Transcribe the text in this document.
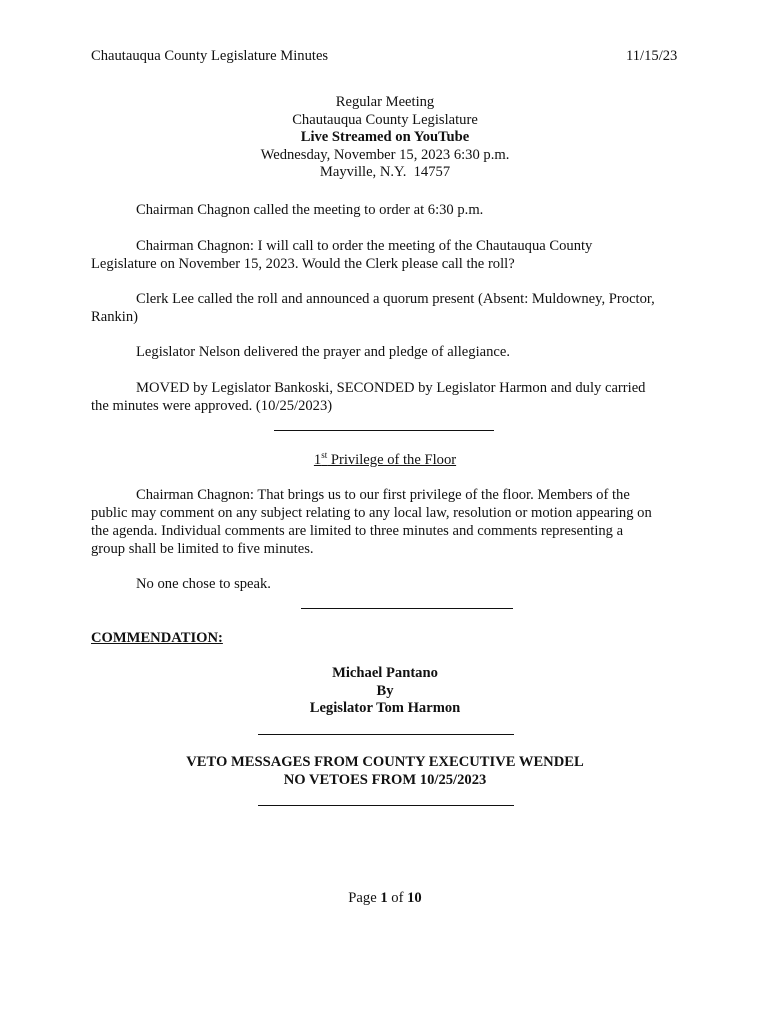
Chautauqua County Legislature Minutes	11/15/23
Regular Meeting
Chautauqua County Legislature
Live Streamed on YouTube
Wednesday, November 15, 2023 6:30 p.m.
Mayville, N.Y.  14757
Chairman Chagnon called the meeting to order at 6:30 p.m.
Chairman Chagnon: I will call to order the meeting of the Chautauqua County
Legislature on November 15, 2023. Would the Clerk please call the roll?
Clerk Lee called the roll and announced a quorum present (Absent: Muldowney, Proctor,
Rankin)
Legislator Nelson delivered the prayer and pledge of allegiance.
MOVED by Legislator Bankoski, SECONDED by Legislator Harmon and duly carried
the minutes were approved. (10/25/2023)
1st Privilege of the Floor
Chairman Chagnon: That brings us to our first privilege of the floor. Members of the
public may comment on any subject relating to any local law, resolution or motion appearing on
the agenda. Individual comments are limited to three minutes and comments representing a
group shall be limited to five minutes.
No one chose to speak.
COMMENDATION:
Michael Pantano
By
Legislator Tom Harmon
VETO MESSAGES FROM COUNTY EXECUTIVE WENDEL
NO VETOES FROM 10/25/2023
Page 1 of 10
